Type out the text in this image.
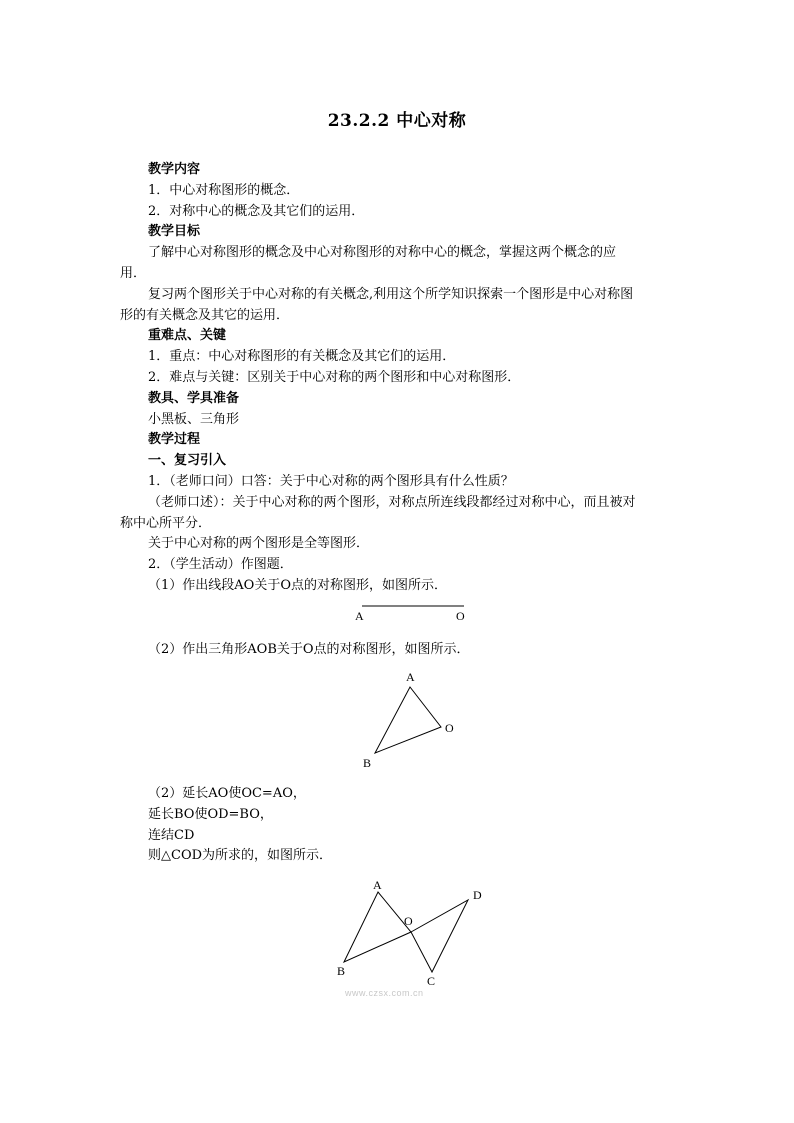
23.2.2 中心对称
教学内容
1．中心对称图形的概念．
2．对称中心的概念及其它们的运用．
教学目标
了解中心对称图形的概念及中心对称图形的对称中心的概念，掌握这两个概念的应
用．
复习两个图形关于中心对称的有关概念,利用这个所学知识探索一个图形是中心对称图
形的有关概念及其它的运用．
重难点、关键
1．重点：中心对称图形的有关概念及其它们的运用．
2．难点与关键：区别关于中心对称的两个图形和中心对称图形．
教具、学具准备
小黑板、三角形
教学过程
一、复习引入
1．（老师口问）口答：关于中心对称的两个图形具有什么性质？
（老师口述）：关于中心对称的两个图形，对称点所连线段都经过对称中心，而且被对
称中心所平分．
关于中心对称的两个图形是全等图形．
2．（学生活动）作图题．
（1）作出线段AO关于O点的对称图形，如图所示．
A	O
（2）作出三角形AOB关于O点的对称图形，如图所示．
A
O
B
（2）延长AO使OC=AO，
延长BO使OD=BO，
连结CD
则△COD为所求的，如图所示．
A
O
D
B
C
www.czsx.com.cn
